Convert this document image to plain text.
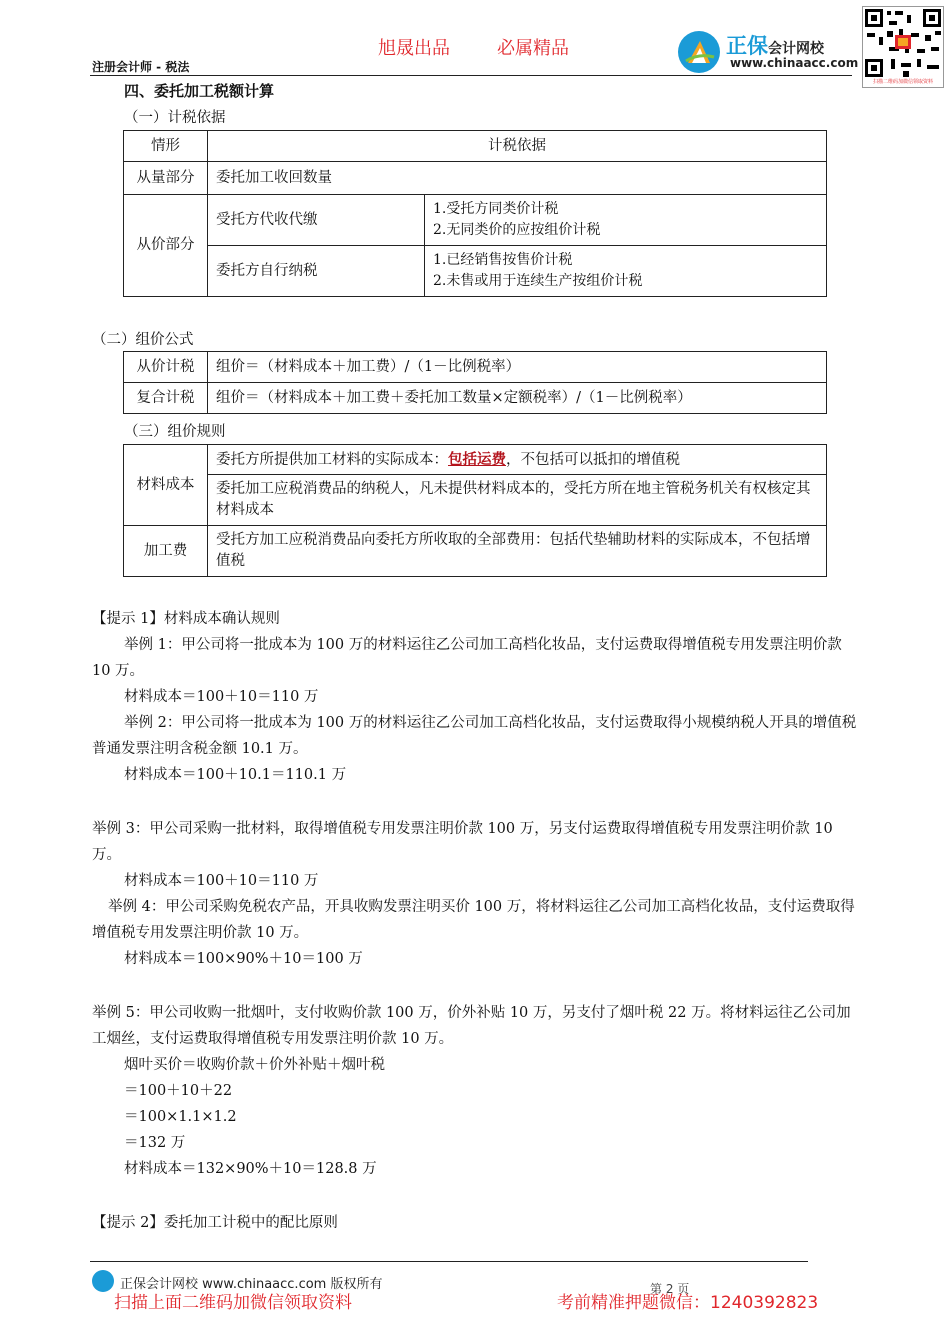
旭晟出品	必属精品
注册会计师 - 税法
正保会计网校
www.chinaacc.com
扫描二维码加微信领取资料
四、委托加工税额计算
（一）计税依据
情形	计税依据	
从量部分	委托加工收回数量	
从价部分	受托方代收代缴	1.受托方同类价计税
2.无同类价的应按组价计税

	委托方自行纳税	1.已经销售按售价计税
2.未售或用于连续生产按组价计税
（二）组价公式
从价计税	组价＝（材料成本＋加工费）/（1－比例税率）
复合计税	组价＝（材料成本＋加工费＋委托加工数量×定额税率）/（1－比例税率）
（三）组价规则
材料成本	委托方所提供加工材料的实际成本：包括运费，不包括可以抵扣的增值税
	委托加工应税消费品的纳税人，凡未提供材料成本的，受托方所在地主管税务机关有权核定其材料成本
加工费	受托方加工应税消费品向委托方所收取的全部费用：包括代垫辅助材料的实际成本，不包括增值税
【提示 1】材料成本确认规则
举例 1：甲公司将一批成本为 100 万的材料运往乙公司加工高档化妆品，支付运费取得增值税专用发票注明价款 10 万。
材料成本＝100＋10＝110 万
举例 2：甲公司将一批成本为 100 万的材料运往乙公司加工高档化妆品，支付运费取得小规模纳税人开具的增值税普通发票注明含税金额 10.1 万。
材料成本＝100＋10.1＝110.1 万
举例 3：甲公司采购一批材料，取得增值税专用发票注明价款 100 万，另支付运费取得增值税专用发票注明价款 10 万。
材料成本＝100＋10＝110 万
举例 4：甲公司采购免税农产品，开具收购发票注明买价 100 万，将材料运往乙公司加工高档化妆品，支付运费取得增值税专用发票注明价款 10 万。
材料成本＝100×90%＋10＝100 万
举例 5：甲公司收购一批烟叶，支付收购价款 100 万，价外补贴 10 万，另支付了烟叶税 22 万。将材料运往乙公司加工烟丝，支付运费取得增值税专用发票注明价款 10 万。
烟叶买价＝收购价款＋价外补贴＋烟叶税
＝100＋10＋22
＝100×1.1×1.2
＝132 万
材料成本＝132×90%＋10＝128.8 万
【提示 2】委托加工计税中的配比原则
正保会计网校 www.chinaacc.com 版权所有	第 2 页
扫描上面二维码加微信领取资料	考前精准押题微信：1240392823
